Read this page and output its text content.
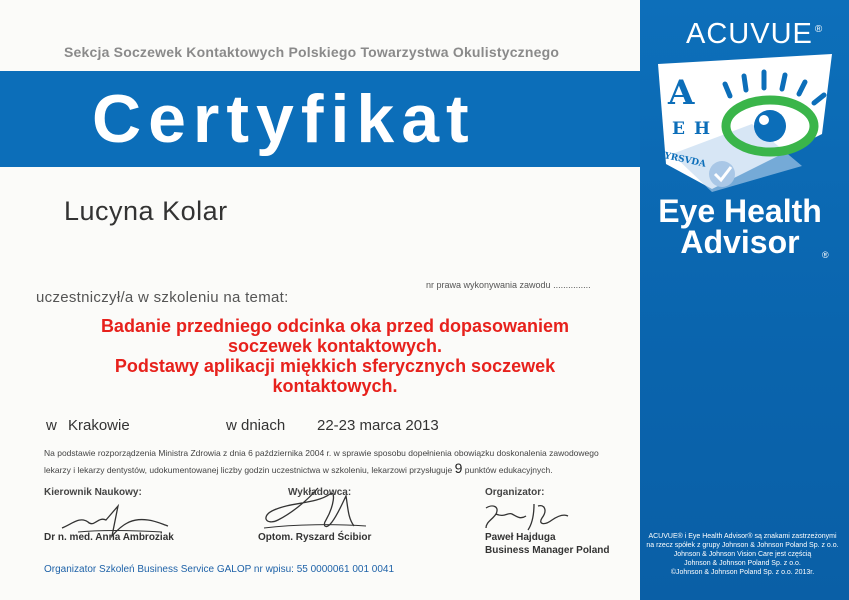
Sekcja Soczewek Kontaktowych Polskiego Towarzystwa Okulistycznego
Certyfikat
ACUVUE ®
A
E H
YRSVDA
Eye Health
Advisor	®
Lucyna Kolar
nr prawa wykonywania zawodu ...............
uczestniczył/a w szkoleniu na temat:
Badanie przedniego odcinka oka przed dopasowaniem
soczewek kontaktowych.
Podstawy aplikacji miękkich sferycznych soczewek
kontaktowych.
w Krakowie	w dniach 22-23 marca 2013
Na podstawie rozporządzenia Ministra Zdrowia z dnia 6 października 2004 r. w sprawie sposobu dopełnienia obowiązku doskonalenia zawodowego
lekarzy i lekarzy dentystów, udokumentowanej liczby godzin uczestnictwa w szkoleniu, lekarzowi przysługuje 9 punktów edukacyjnych.
Kierownik Naukowy:
Dr n. med. Anna Ambroziak
Wykładowca:
Optom. Ryszard Ścibior
Organizator:
Paweł Hajduga
Business Manager Poland
Organizator Szkoleń Business Service GALOP nr wpisu: 55 0000061 001 0041
ACUVUE® i Eye Health Advisor® są znakami zastrzeżonymi
na rzecz spółek z grupy Johnson & Johnson Poland Sp. z o.o.
Johnson & Johnson Vision Care jest częścią
Johnson & Johnson Poland Sp. z o.o.
©Johnson & Johnson Poland Sp. z o.o. 2013r.
